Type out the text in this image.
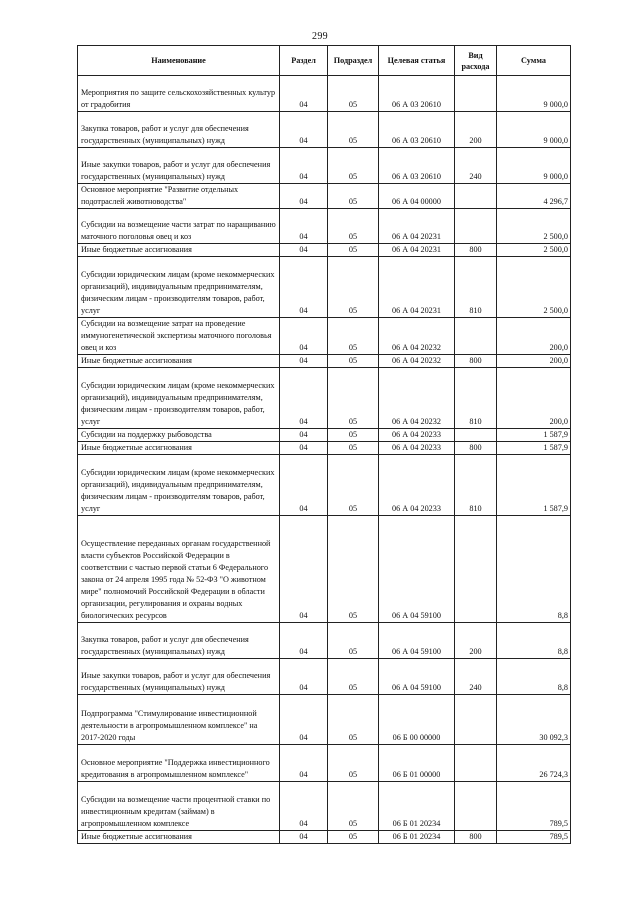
299
Наименование	Раздел	Подраздел	Целевая статья	Вид расхода	Сумма
Мероприятия по защите сельскохозяйственных культур от градобития	04	05	06 А 03 20610		9 000,0
Закупка товаров, работ и услуг для обеспечения государственных (муниципальных) нужд	04	05	06 А 03 20610	200	9 000,0
Иные закупки товаров, работ и услуг для обеспечения государственных (муниципальных) нужд	04	05	06 А 03 20610	240	9 000,0
Основное мероприятие "Развитие отдельных подотраслей животноводства"	04	05	06 А 04 00000		4 296,7
Субсидии на возмещение части затрат по наращиванию маточного поголовья овец и коз	04	05	06 А 04 20231		2 500,0
Иные бюджетные ассигнования	04	05	06 А 04 20231	800	2 500,0
Субсидии юридическим лицам (кроме некоммерческих организаций), индивидуальным предпринимателям, физическим лицам - производителям товаров, работ, услуг	04	05	06 А 04 20231	810	2 500,0
Субсидии на возмещение затрат на проведение иммуногенетической экспертизы маточного поголовья овец и коз	04	05	06 А 04 20232		200,0
Иные бюджетные ассигнования	04	05	06 А 04 20232	800	200,0
Субсидии юридическим лицам (кроме некоммерческих организаций), индивидуальным предпринимателям, физическим лицам - производителям товаров, работ, услуг	04	05	06 А 04 20232	810	200,0
Субсидии на поддержку рыбоводства	04	05	06 А 04 20233		1 587,9
Иные бюджетные ассигнования	04	05	06 А 04 20233	800	1 587,9
Субсидии юридическим лицам (кроме некоммерческих организаций), индивидуальным предпринимателям, физическим лицам - производителям товаров, работ, услуг	04	05	06 А 04 20233	810	1 587,9
Осуществление переданных органам государственной власти субъектов Российской Федерации в соответствии с частью первой статьи 6 Федерального закона от 24 апреля 1995 года № 52-ФЗ "О животном мире" полномочий Российской Федерации в области организации, регулирования и охраны водных биологических ресурсов	04	05	06 А 04 59100		8,8
Закупка товаров, работ и услуг для обеспечения государственных (муниципальных) нужд	04	05	06 А 04 59100	200	8,8
Иные закупки товаров, работ и услуг для обеспечения государственных (муниципальных) нужд	04	05	06 А 04 59100	240	8,8
Подпрограмма "Стимулирование инвестиционной деятельности в агропромышленном комплексе" на 2017-2020 годы	04	05	06 Б 00 00000		30 092,3
Основное мероприятие "Поддержка инвестиционного кредитования в агропромышленном комплексе"	04	05	06 Б 01 00000		26 724,3
Субсидии на возмещение части процентной ставки по инвестиционным кредитам (займам) в агропромышленном комплексе	04	05	06 Б 01 20234		789,5
Иные бюджетные ассигнования	04	05	06 Б 01 20234	800	789,5
